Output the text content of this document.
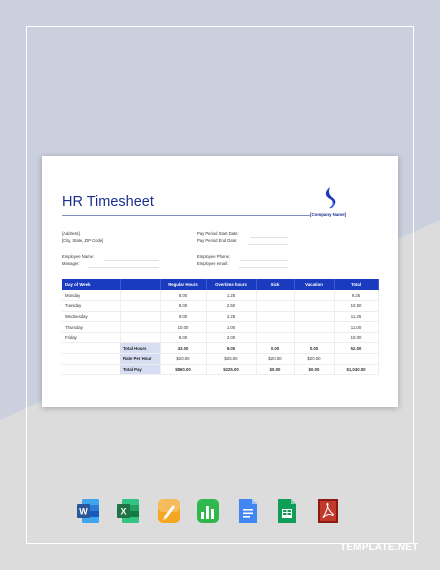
HR Timesheet
[Company Name]
[Address]
[City, State, ZIP Code]
Pay Period Start Date:
Pay Period End Date:
Employee Name:
Manager:
Employee Phone:
Employee email:
Day of Week		Regular Hours	Overtime hours	Sick	Vacation	Total
Monday		8.00	1.25			9.25
Tuesday		8.00	2.50			10.50
Wednesday		9.00	2.25			11.25
Thursday		10.00	1.00			11.00
Friday		8.00	2.00			10.00
	Total Hours	43.00	9.00	0.00	0.00	52.00
	Rate Per Hour	$20.00	$25.00	$20.00	$20.00	
	Total Pay	$860.00	$225.00	$0.00	$0.00	$1,040.00
W	X
TEMPLATE.NET
